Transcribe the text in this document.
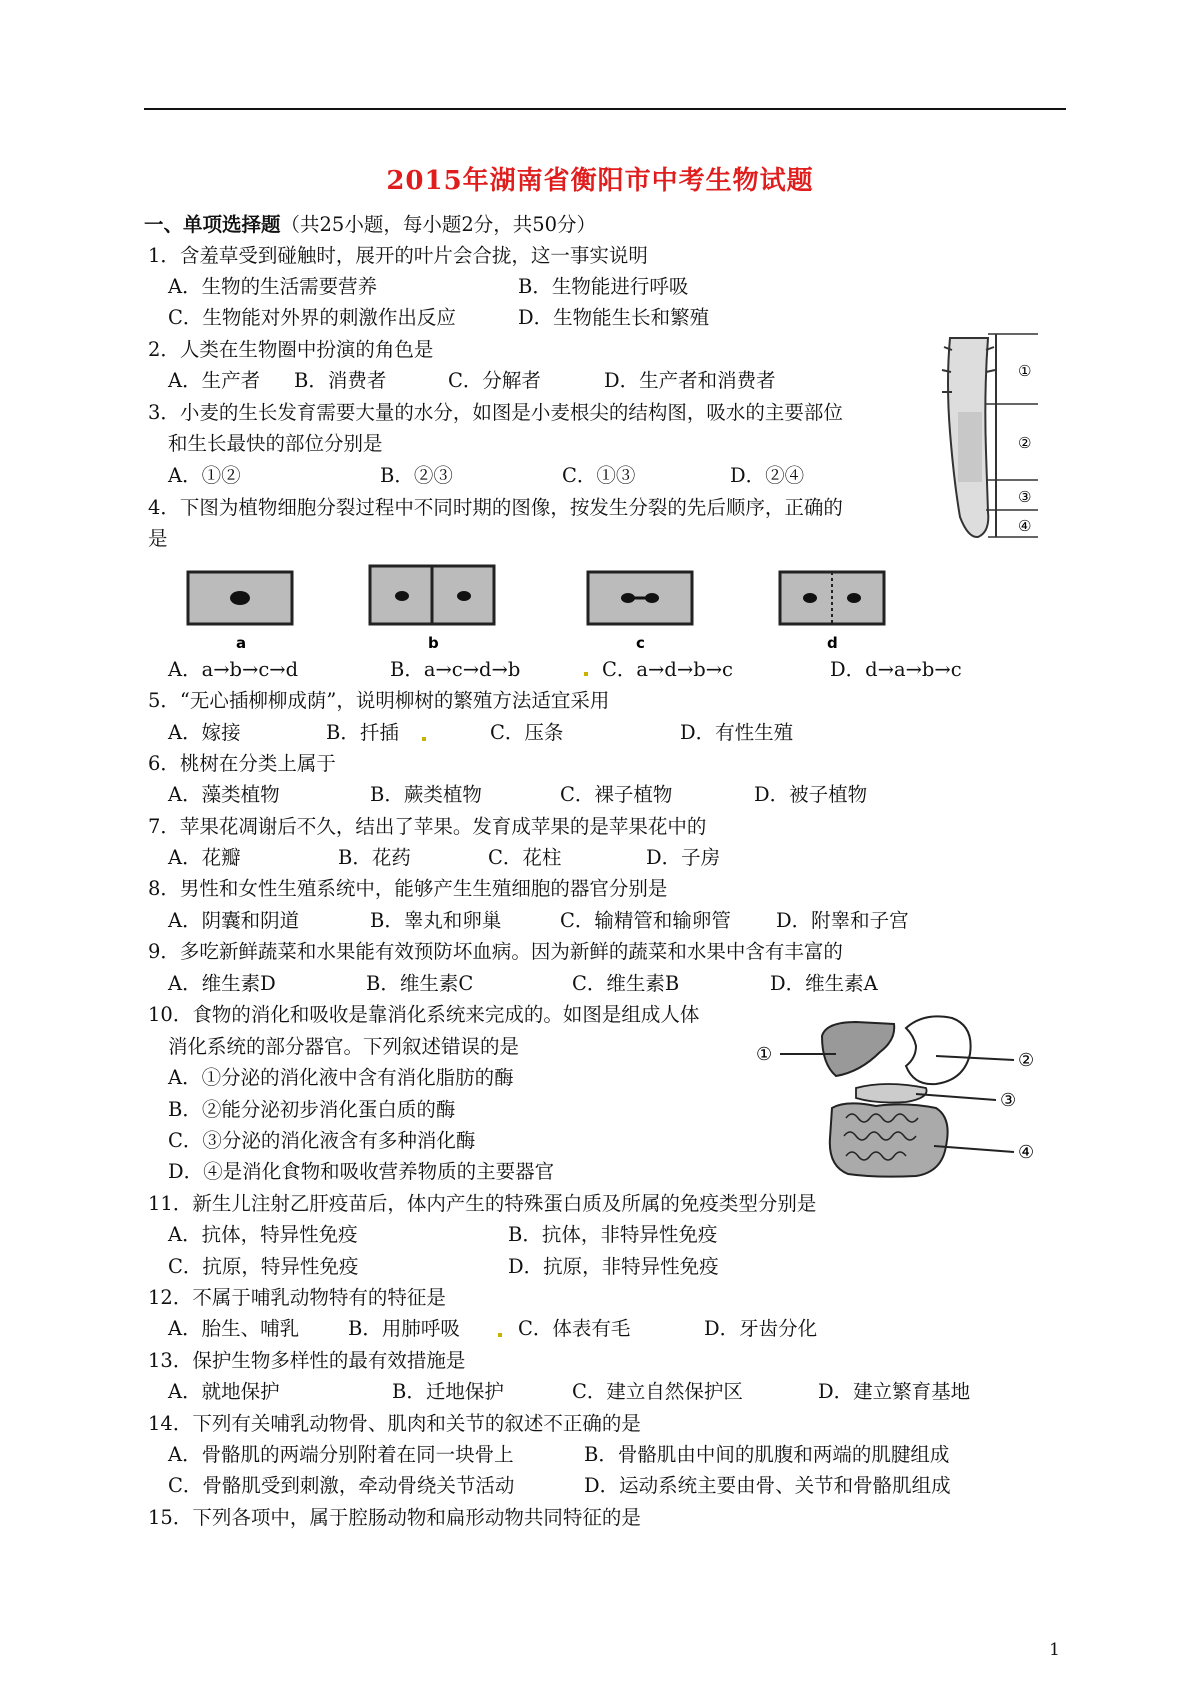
2015年湖南省衡阳市中考生物试题
一、单项选择题（共25小题，每小题2分，共50分）
1．含羞草受到碰触时，展开的叶片会合拢，这一事实说明
A．生物的生活需要营养	B．生物能进行呼吸
C．生物能对外界的刺激作出反应	D．生物能生长和繁殖
2．人类在生物圈中扮演的角色是
A．生产者 B．消费者	C．分解者	D．生产者和消费者
3．小麦的生长发育需要大量的水分，如图是小麦根尖的结构图，吸水的主要部位
和生长最快的部位分别是
A．①②	B．②③	C．①③	D．②④
①
②
③
④
4．下图为植物细胞分裂过程中不同时期的图像，按发生分裂的先后顺序，正确的
是
a	b	c	d
A．a→b→c→d	B．a→c→d→b	C．a→d→b→c	D．d→a→b→c
5．“无心插柳柳成荫”，说明柳树的繁殖方法适宜采用
A．嫁接	B．扦插	C．压条	D．有性生殖
6．桃树在分类上属于
A．藻类植物	B．蕨类植物	C．裸子植物	D．被子植物
7．苹果花凋谢后不久，结出了苹果。发育成苹果的是苹果花中的
A．花瓣	B．花药	C．花柱	D．子房
8．男性和女性生殖系统中，能够产生生殖细胞的器官分别是
A．阴囊和阴道	B．睾丸和卵巢	C．输精管和输卵管 D．附睾和子宫
9．多吃新鲜蔬菜和水果能有效预防坏血病。因为新鲜的蔬菜和水果中含有丰富的
A．维生素D	B．维生素C	C．维生素B	D．维生素A
10．食物的消化和吸收是靠消化系统来完成的。如图是组成人体
消化系统的部分器官。下列叙述错误的是
A．①分泌的消化液中含有消化脂肪的酶
B．②能分泌初步消化蛋白质的酶
C．③分泌的消化液含有多种消化酶
D．④是消化食物和吸收营养物质的主要器官
①	②
③
④
11．新生儿注射乙肝疫苗后，体内产生的特殊蛋白质及所属的免疫类型分别是
A．抗体，特异性免疫	B．抗体，非特异性免疫
C．抗原，特异性免疫	D．抗原，非特异性免疫
12．不属于哺乳动物特有的特征是
A．胎生、哺乳	B．用肺呼吸	C．体表有毛	D．牙齿分化
13．保护生物多样性的最有效措施是
A．就地保护	B．迁地保护	C．建立自然保护区	D．建立繁育基地
14．下列有关哺乳动物骨、肌肉和关节的叙述不正确的是
A．骨骼肌的两端分别附着在同一块骨上	B．骨骼肌由中间的肌腹和两端的肌腱组成
C．骨骼肌受到刺激，牵动骨绕关节活动	D．运动系统主要由骨、关节和骨骼肌组成
15．下列各项中，属于腔肠动物和扁形动物共同特征的是
1
